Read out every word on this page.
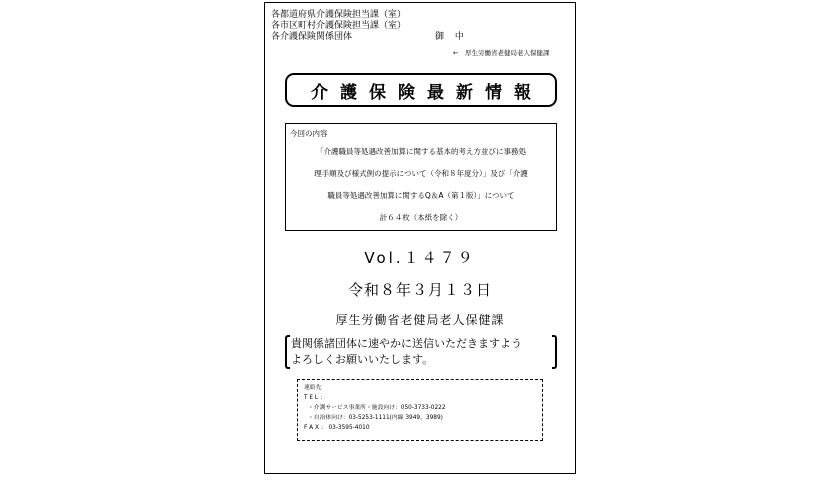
各都道府県介護保険担当課（室）
各市区町村介護保険担当課（室）
各介護保険関係団体	御 中
←　厚生労働省老健局老人保健課
介護保険最新情報
今回の内容
「介護職員等処遇改善加算に関する基本的考え方並びに事務処
理手順及び様式例の提示について（令和８年度分）」及び「介護
職員等処遇改善加算に関するQ＆A（第１版）」について
計６４枚（本紙を除く）
Vol.１４７９
令和８年３月１３日
厚生労働省老健局老人保健課
貴関係諸団体に速やかに送信いただきますよう
よろしくお願いいたします。
連絡先
T E L ：
・介護サービス事業所・施設向け：050-3733-0222
・自治体向け：03-5253-1111(内線 3949，3989)
F A X ： 03-3595-4010
